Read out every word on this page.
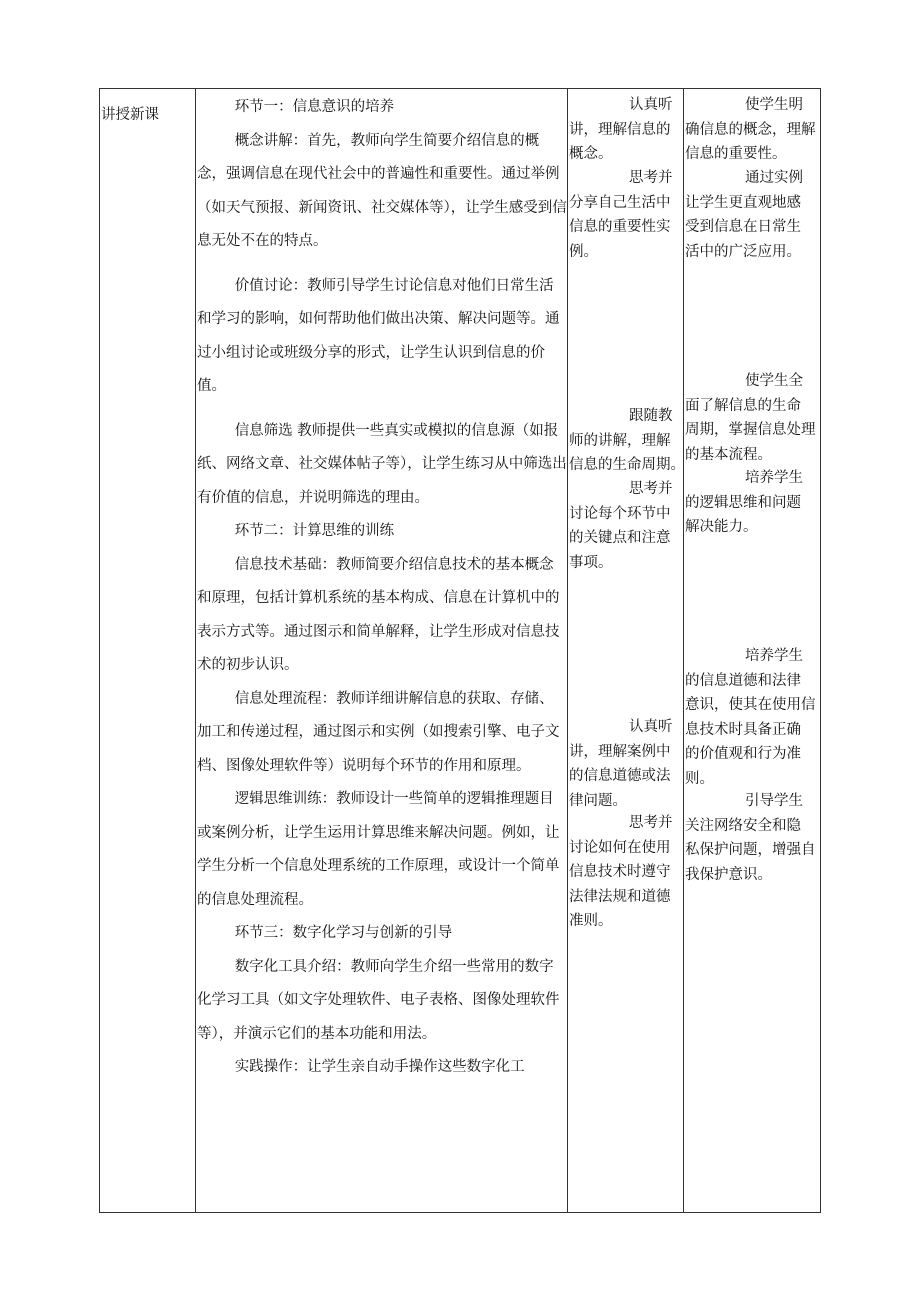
讲授新课	环节一：信息意识的培养

概念讲解：首先，教师向学生简要介绍信息的概念，强调信息在现代社会中的普遍性和重要性。通过举例（如天气预报、新闻资讯、社交媒体等），让学生感受到信息无处不在的特点。

价值讨论：教师引导学生讨论信息对他们日常生活和学习的影响，如何帮助他们做出决策、解决问题等。通过小组讨论或班级分享的形式，让学生认识到信息的价值。

信息筛选 教师提供一些真实或模拟的信息源（如报纸、网络文章、社交媒体帖子等），让学生练习从中筛选出有价值的信息，并说明筛选的理由。

环节二：计算思维的训练

信息技术基础：教师简要介绍信息技术的基本概念和原理，包括计算机系统的基本构成、信息在计算机中的表示方式等。通过图示和简单解释，让学生形成对信息技术的初步认识。

信息处理流程：教师详细讲解信息的获取、存储、加工和传递过程，通过图示和实例（如搜索引擎、电子文档、图像处理软件等）说明每个环节的作用和原理。

逻辑思维训练：教师设计一些简单的逻辑推理题目或案例分析，让学生运用计算思维来解决问题。例如，让学生分析一个信息处理系统的工作原理，或设计一个简单的信息处理流程。

环节三：数字化学习与创新的引导

数字化工具介绍：教师向学生介绍一些常用的数字化学习工具（如文字处理软件、电子表格、图像处理软件等），并演示它们的基本功能和用法。

实践操作：让学生亲自动手操作这些数字化工

认真听
讲，理解信息的
概念。
思考并
分享自己生活中
信息的重要性实
例。
跟随教
师的讲解，理解
信息的生命周期。
思考并
讨论每个环节中
的关键点和注意
事项。
认真听
讲，理解案例中
的信息道德或法
律问题。
思考并
讨论如何在使用
信息技术时遵守
法律法规和道德
准则。
使学生明
确信息的概念，理解
信息的重要性。
通过实例
让学生更直观地感
受到信息在日常生
活中的广泛应用。
使学生全
面了解信息的生命
周期，掌握信息处理
的基本流程。
培养学生
的逻辑思维和问题
解决能力。
培养学生
的信息道德和法律
意识，使其在使用信
息技术时具备正确
的价值观和行为准
则。
引导学生
关注网络安全和隐
私保护问题，增强自
我保护意识。
